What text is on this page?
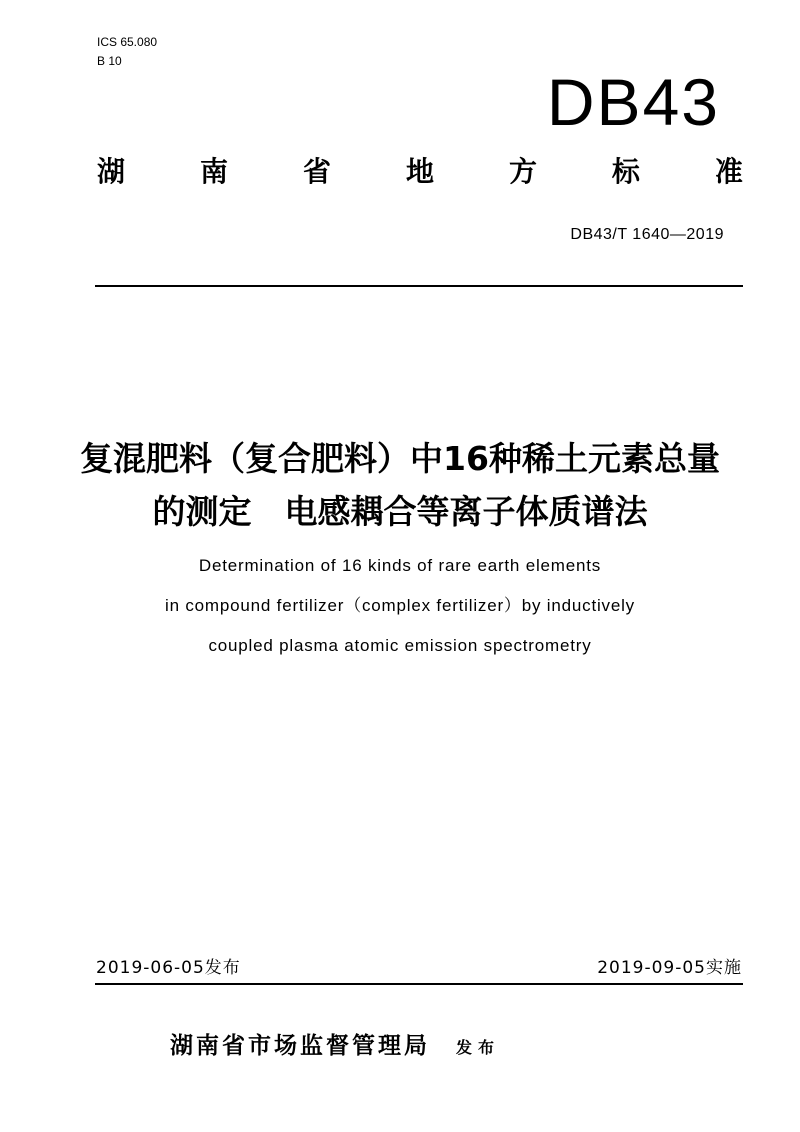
ICS 65.080
B 10
DB43
湖	南	省	地	方	标	准
DB43/T 1640—2019
复混肥料（复合肥料）中16种稀土元素总量
的测定　电感耦合等离子体质谱法
Determination of 16 kinds of rare earth elements
in compound fertilizer（complex fertilizer）by inductively
coupled plasma atomic emission spectrometry
2019-06-05发布	2019-09-05实施
湖南省市场监督管理局 发布
